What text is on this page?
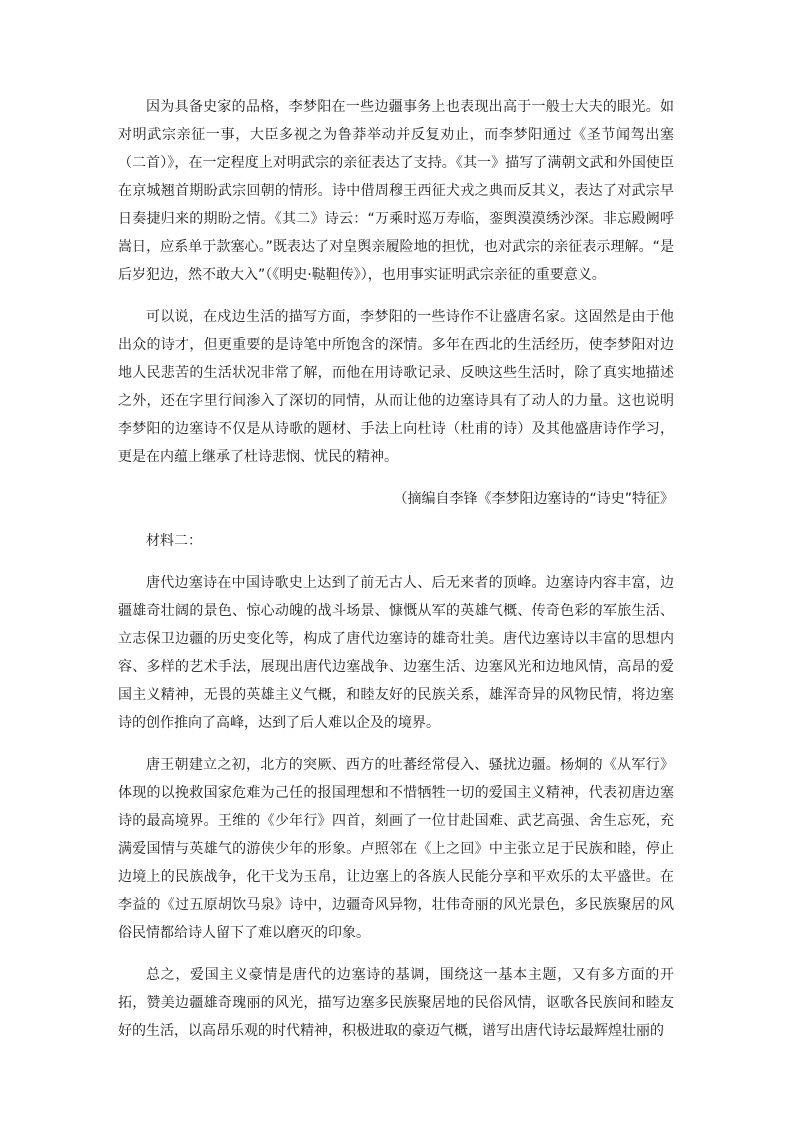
因为具备史家的品格，李梦阳在一些边疆事务上也表现出高于一般士大夫的眼光。如对明武宗亲征一事，大臣多视之为鲁莽举动并反复劝止，而李梦阳通过《圣节闻驾出塞（二首）》，在一定程度上对明武宗的亲征表达了支持。《其一》描写了满朝文武和外国使臣在京城翘首期盼武宗回朝的情形。诗中借周穆王西征犬戎之典而反其义，表达了对武宗早日奏捷归来的期盼之情。《其二》诗云：“万乘时巡万寿临，銮舆漠漠绣沙深。非忘殿阙呼嵩日，应系单于款塞心。”既表达了对皇舆亲履险地的担忧，也对武宗的亲征表示理解。“是后岁犯边，然不敢大入”（《明史·鞑靼传》），也用事实证明武宗亲征的重要意义。

可以说，在戍边生活的描写方面，李梦阳的一些诗作不让盛唐名家。这固然是由于他出众的诗才，但更重要的是诗笔中所饱含的深情。多年在西北的生活经历，使李梦阳对边地人民悲苦的生活状况非常了解，而他在用诗歌记录、反映这些生活时，除了真实地描述之外，还在字里行间渗入了深切的同情，从而让他的边塞诗具有了动人的力量。这也说明李梦阳的边塞诗不仅是从诗歌的题材、手法上向杜诗（杜甫的诗）及其他盛唐诗作学习，更是在内蕴上继承了杜诗悲悯、忧民的精神。

（摘编自李锋《李梦阳边塞诗的“诗史”特征》

材料二：

唐代边塞诗在中国诗歌史上达到了前无古人、后无来者的顶峰。边塞诗内容丰富，边疆雄奇壮阔的景色、惊心动魄的战斗场景、慷慨从军的英雄气概、传奇色彩的军旅生活、立志保卫边疆的历史变化等，构成了唐代边塞诗的雄奇壮美。唐代边塞诗以丰富的思想内容、多样的艺术手法，展现出唐代边塞战争、边塞生活、边塞风光和边地风情，高昂的爱国主义精神，无畏的英雄主义气概，和睦友好的民族关系，雄浑奇异的风物民情，将边塞诗的创作推向了高峰，达到了后人难以企及的境界。

唐王朝建立之初，北方的突厥、西方的吐蕃经常侵入、骚扰边疆。杨炯的《从军行》体现的以挽救国家危难为己任的报国理想和不惜牺牲一切的爱国主义精神，代表初唐边塞诗的最高境界。王维的《少年行》四首，刻画了一位甘赴国难、武艺高强、舍生忘死，充满爱国情与英雄气的游侠少年的形象。卢照邻在《上之回》中主张立足于民族和睦，停止边境上的民族战争，化干戈为玉帛，让边塞上的各族人民能分享和平欢乐的太平盛世。在李益的《过五原胡饮马泉》诗中，边疆奇风异物，壮伟奇丽的风光景色，多民族聚居的风俗民情都给诗人留下了难以磨灭的印象。

总之，爱国主义豪情是唐代的边塞诗的基调，围绕这一基本主题，又有多方面的开拓，赞美边疆雄奇瑰丽的风光，描写边塞多民族聚居地的民俗风情，讴歌各民族间和睦友好的生活，以高昂乐观的时代精神，积极进取的豪迈气概，谱写出唐代诗坛最辉煌壮丽的
